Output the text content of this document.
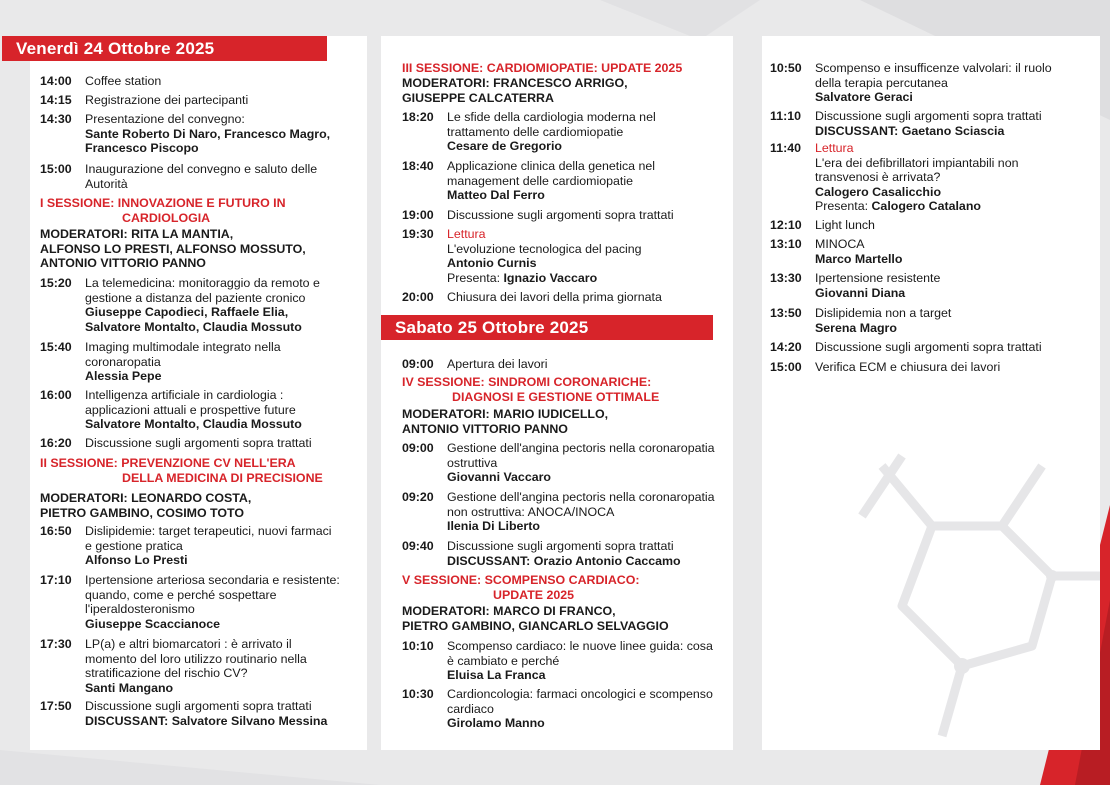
Venerdì 24 Ottobre 2025
14:00	Coffee station
14:15	Registrazione dei partecipanti
14:30	Presentazione del convegno:
Sante Roberto Di Naro, Francesco Magro,
Francesco Piscopo
15:00	Inaugurazione del convegno e saluto delle
Autorità
I SESSIONE: INNOVAZIONE E FUTURO IN
CARDIOLOGIA
MODERATORI: RITA LA MANTIA,
ALFONSO LO PRESTI, ALFONSO MOSSUTO,
ANTONIO VITTORIO PANNO
15:20	La telemedicina: monitoraggio da remoto e
gestione a distanza del paziente cronico
Giuseppe Capodieci, Raffaele Elia,
Salvatore Montalto, Claudia Mossuto
15:40	Imaging multimodale integrato nella
coronaropatia
Alessia Pepe
16:00	Intelligenza artificiale in cardiologia :
applicazioni attuali e prospettive future
Salvatore Montalto, Claudia Mossuto
16:20	Discussione sugli argomenti sopra trattati
II SESSIONE: PREVENZIONE CV NELL'ERA
DELLA MEDICINA DI PRECISIONE
MODERATORI: LEONARDO COSTA,
PIETRO GAMBINO, COSIMO TOTO
16:50	Dislipidemie: target terapeutici, nuovi farmaci
e gestione pratica
Alfonso Lo Presti
17:10	Ipertensione arteriosa secondaria e resistente:
quando, come e perché sospettare
l'iperaldosteronismo
Giuseppe Scaccianoce
17:30	LP(a) e altri biomarcatori : è arrivato il
momento del loro utilizzo routinario nella
stratificazione del rischio CV?
Santi Mangano
17:50	Discussione sugli argomenti sopra trattati
DISCUSSANT: Salvatore Silvano Messina
III SESSIONE: CARDIOMIOPATIE: UPDATE 2025
MODERATORI: FRANCESCO ARRIGO,
GIUSEPPE CALCATERRA
18:20	Le sfide della cardiologia moderna nel
trattamento delle cardiomiopatie
Cesare de Gregorio
18:40	Applicazione clinica della genetica nel
management delle cardiomiopatie
Matteo Dal Ferro
19:00	Discussione sugli argomenti sopra trattati
19:30	Lettura
L'evoluzione tecnologica del pacing
Antonio Curnis
Presenta: Ignazio Vaccaro
20:00	Chiusura dei lavori della prima giornata
Sabato 25 Ottobre 2025
09:00	Apertura dei lavori
IV SESSIONE: SINDROMI CORONARICHE:
DIAGNOSI E GESTIONE OTTIMALE
MODERATORI: MARIO IUDICELLO,
ANTONIO VITTORIO PANNO
09:00	Gestione dell'angina pectoris nella coronaropatia
ostruttiva
Giovanni Vaccaro
09:20	Gestione dell'angina pectoris nella coronaropatia
non ostruttiva: ANOCA/INOCA
Ilenia Di Liberto
09:40	Discussione sugli argomenti sopra trattati
DISCUSSANT: Orazio Antonio Caccamo
V SESSIONE: SCOMPENSO CARDIACO:
UPDATE 2025
MODERATORI: MARCO DI FRANCO,
PIETRO GAMBINO, GIANCARLO SELVAGGIO
10:10	Scompenso cardiaco: le nuove linee guida: cosa
è cambiato e perché
Eluisa La Franca
10:30	Cardioncologia: farmaci oncologici e scompenso
cardiaco
Girolamo Manno
10:50	Scompenso e insufficenze valvolari: il ruolo
della terapia percutanea
Salvatore Geraci
11:10	Discussione sugli argomenti sopra trattati
DISCUSSANT: Gaetano Sciascia
11:40	Lettura
L'era dei defibrillatori impiantabili non
transvenosi è arrivata?
Calogero Casalicchio
Presenta: Calogero Catalano
12:10	Light lunch
13:10	MINOCA
Marco Martello
13:30	Ipertensione resistente
Giovanni Diana
13:50	Dislipidemia non a target
Serena Magro
14:20	Discussione sugli argomenti sopra trattati
15:00	Verifica ECM e chiusura dei lavori
